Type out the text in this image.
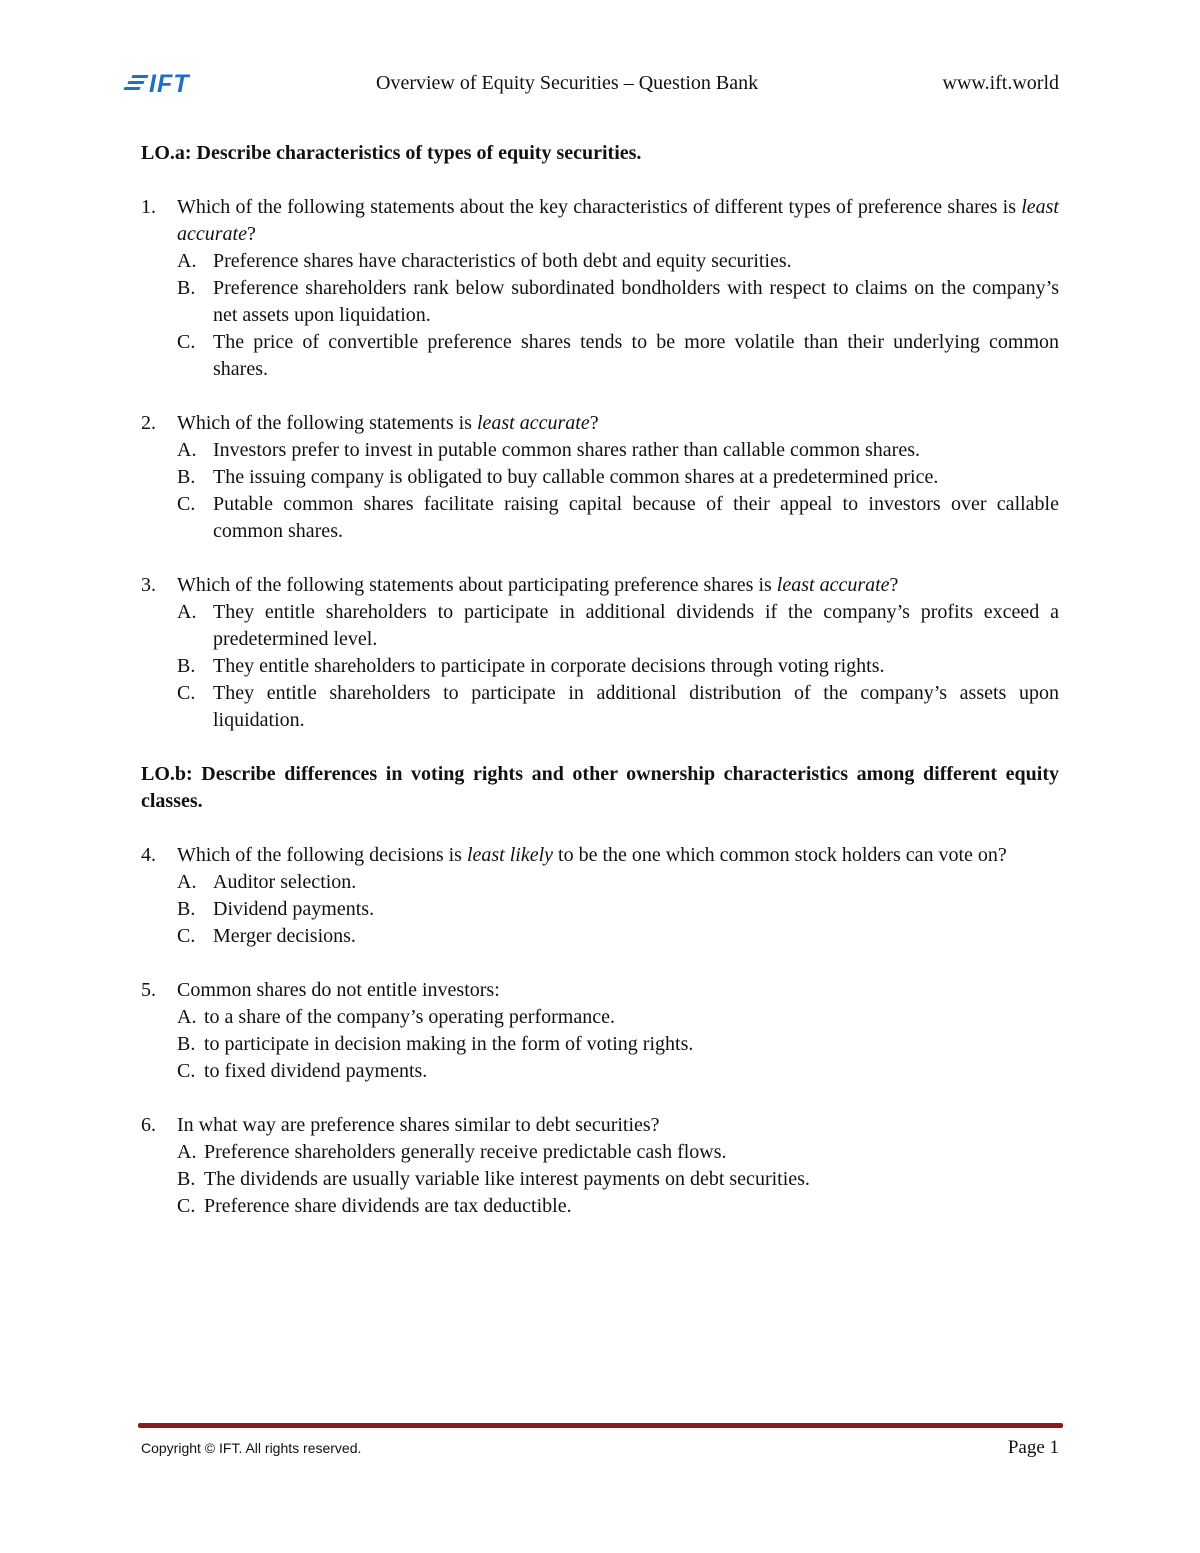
IFT	Overview of Equity Securities – Question Bank	www.ift.world

LO.a: Describe characteristics of types of equity securities.

1.	Which of the following statements about the key characteristics of different types of preference shares is least accurate?

A. Preference shares have characteristics of both debt and equity securities.
B. Preference shareholders rank below subordinated bondholders with respect to claims on the company’s net assets upon liquidation.
C. The price of convertible preference shares tends to be more volatile than their underlying common shares.
2.	Which of the following statements is least accurate?

A. Investors prefer to invest in putable common shares rather than callable common shares.
B. The issuing company is obligated to buy callable common shares at a predetermined price.
C. Putable common shares facilitate raising capital because of their appeal to investors over callable common shares.
3.	Which of the following statements about participating preference shares is least accurate?

A. They entitle shareholders to participate in additional dividends if the company’s profits exceed a predetermined level.
B. They entitle shareholders to participate in corporate decisions through voting rights.
C. They entitle shareholders to participate in additional distribution of the company’s assets upon liquidation.

LO.b: Describe differences in voting rights and other ownership characteristics among different equity classes.

4.	Which of the following decisions is least likely to be the one which common stock holders can vote on?

A. Auditor selection.
B. Dividend payments.
C. Merger decisions.
5.	Common shares do not entitle investors:

A. to a share of the company’s operating performance.
B. to participate in decision making in the form of voting rights.
C. to fixed dividend payments.
6.	In what way are preference shares similar to debt securities?

A. Preference shareholders generally receive predictable cash flows.
B. The dividends are usually variable like interest payments on debt securities.
C. Preference share dividends are tax deductible.
Copyright © IFT. All rights reserved.	Page 1
